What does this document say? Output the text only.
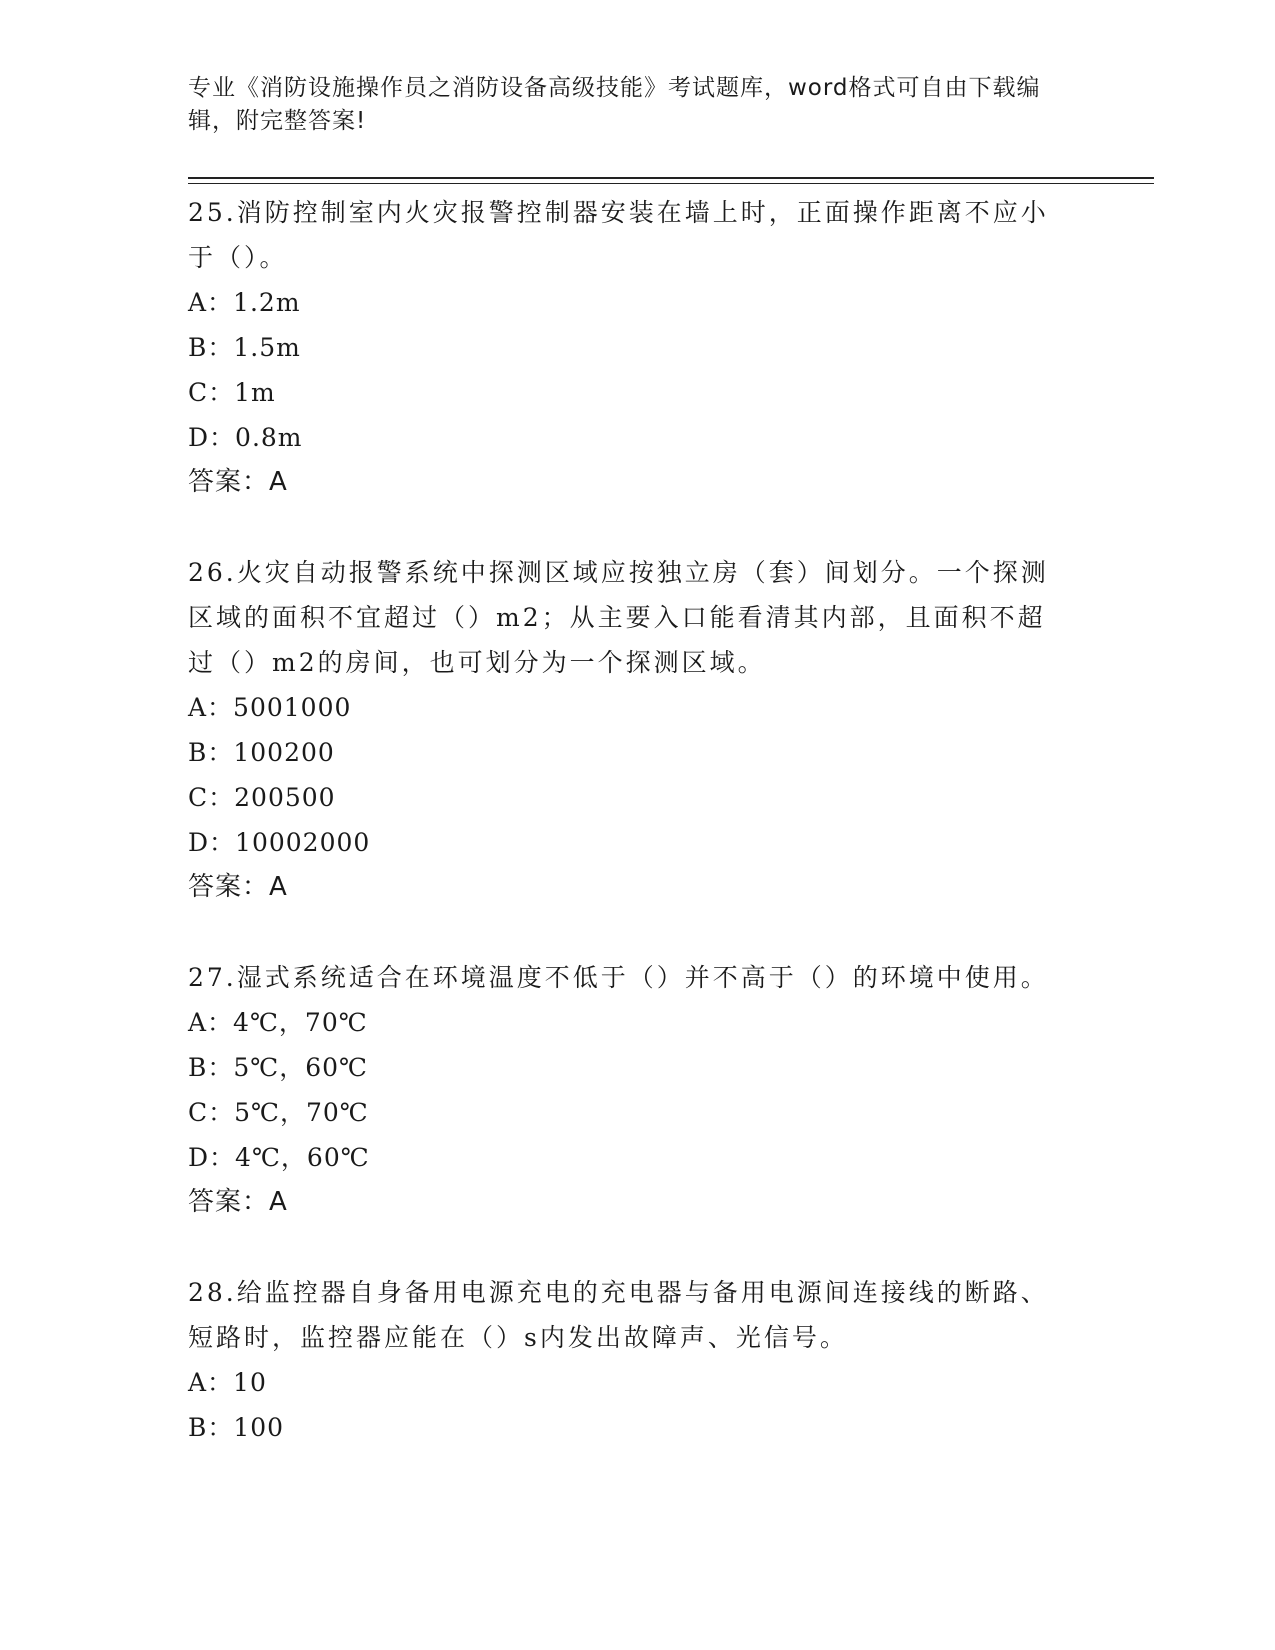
专业《消防设施操作员之消防设备高级技能》考试题库，word格式可自由下载编辑，附完整答案!

25.消防控制室内火灾报警控制器安装在墙上时，正面操作距离不应小于（）。

A：1.2m

B：1.5m

C：1m

D：0.8m

答案：A

26.火灾自动报警系统中探测区域应按独立房（套）间划分。一个探测区域的面积不宜超过（）m2；从主要入口能看清其内部，且面积不超过（）m2的房间，也可划分为一个探测区域。

A：5001000

B：100200

C：200500

D：10002000

答案：A

27.湿式系统适合在环境温度不低于（）并不高于（）的环境中使用。

A：4℃，70℃

B：5℃，60℃

C：5℃，70℃

D：4℃，60℃

答案：A

28.给监控器自身备用电源充电的充电器与备用电源间连接线的断路、短路时，监控器应能在（）s内发出故障声、光信号。

A：10

B：100
